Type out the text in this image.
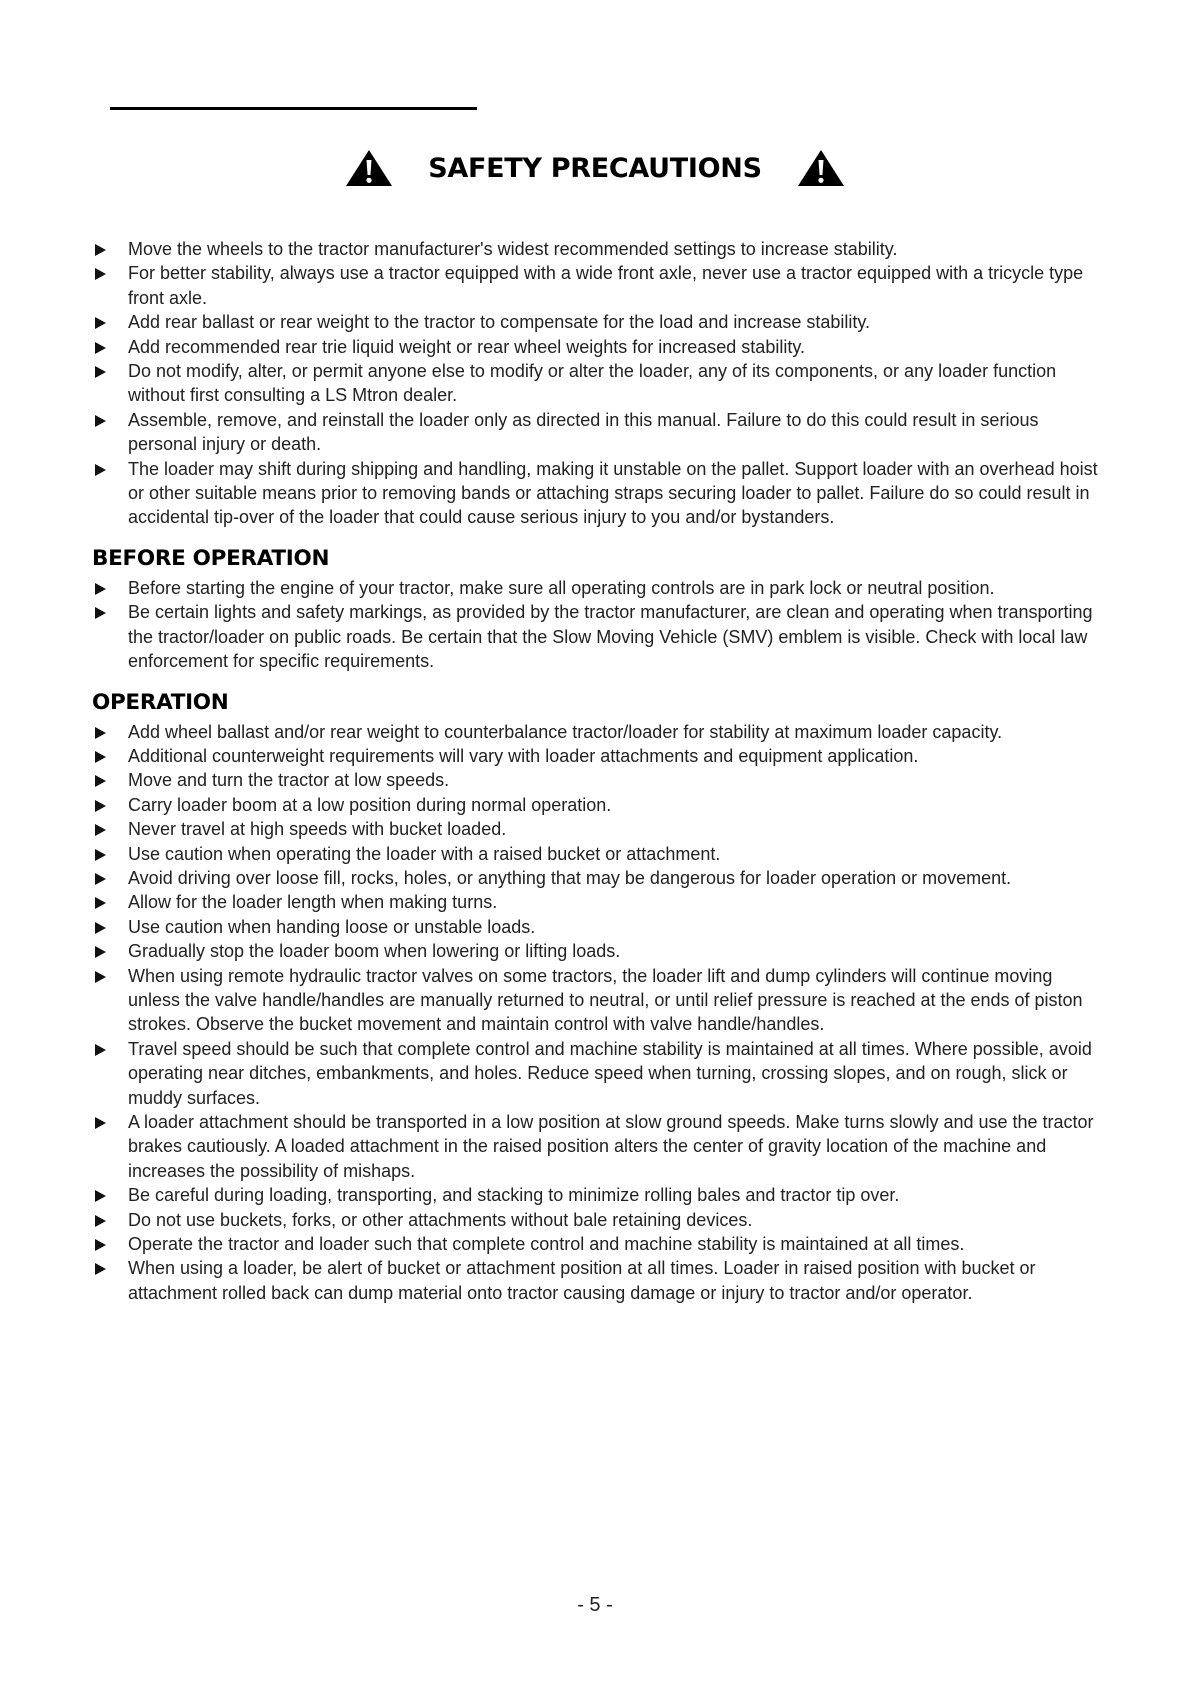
SAFETY PRECAUTIONS
Move the wheels to the tractor manufacturer's widest recommended settings to increase stability.
For better stability, always use a tractor equipped with a wide front axle, never use a tractor equipped with a tricycle type front axle.
Add rear ballast or rear weight to the tractor to compensate for the load and increase stability.
Add recommended rear trie liquid weight or rear wheel weights for increased stability.
Do not modify, alter, or permit anyone else to modify or alter the loader, any of its components, or any loader function without first consulting a LS Mtron dealer.
Assemble, remove, and reinstall the loader only as directed in this manual. Failure to do this could result in serious personal injury or death.
The loader may shift during shipping and handling, making it unstable on the pallet. Support loader with an overhead hoist or other suitable means prior to removing bands or attaching straps securing loader to pallet. Failure do so could result in accidental tip-over of the loader that could cause serious injury to you and/or bystanders.
BEFORE OPERATION
Before starting the engine of your tractor, make sure all operating controls are in park lock or neutral position.
Be certain lights and safety markings, as provided by the tractor manufacturer, are clean and operating when transporting the tractor/loader on public roads. Be certain that the Slow Moving Vehicle (SMV) emblem is visible. Check with local law enforcement for specific requirements.
OPERATION
Add wheel ballast and/or rear weight to counterbalance tractor/loader for stability at maximum loader capacity.
Additional counterweight requirements will vary with loader attachments and equipment application.
Move and turn the tractor at low speeds.
Carry loader boom at a low position during normal operation.
Never travel at high speeds with bucket loaded.
Use caution when operating the loader with a raised bucket or attachment.
Avoid driving over loose fill, rocks, holes, or anything that may be dangerous for loader operation or movement.
Allow for the loader length when making turns.
Use caution when handing loose or unstable loads.
Gradually stop the loader boom when lowering or lifting loads.
When using remote hydraulic tractor valves on some tractors, the loader lift and dump cylinders will continue moving unless the valve handle/handles are manually returned to neutral, or until relief pressure is reached at the ends of piston strokes. Observe the bucket movement and maintain control with valve handle/handles.
Travel speed should be such that complete control and machine stability is maintained at all times. Where possible, avoid operating near ditches, embankments, and holes. Reduce speed when turning, crossing slopes, and on rough, slick or muddy surfaces.
A loader attachment should be transported in a low position at slow ground speeds. Make turns slowly and use the tractor brakes cautiously. A loaded attachment in the raised position alters the center of gravity location of the machine and increases the possibility of mishaps.
Be careful during loading, transporting, and stacking to minimize rolling bales and tractor tip over.
Do not use buckets, forks, or other attachments without bale retaining devices.
Operate the tractor and loader such that complete control and machine stability is maintained at all times.
When using a loader, be alert of bucket or attachment position at all times. Loader in raised position with bucket or attachment rolled back can dump material onto tractor causing damage or injury to tractor and/or operator.
- 5 -
